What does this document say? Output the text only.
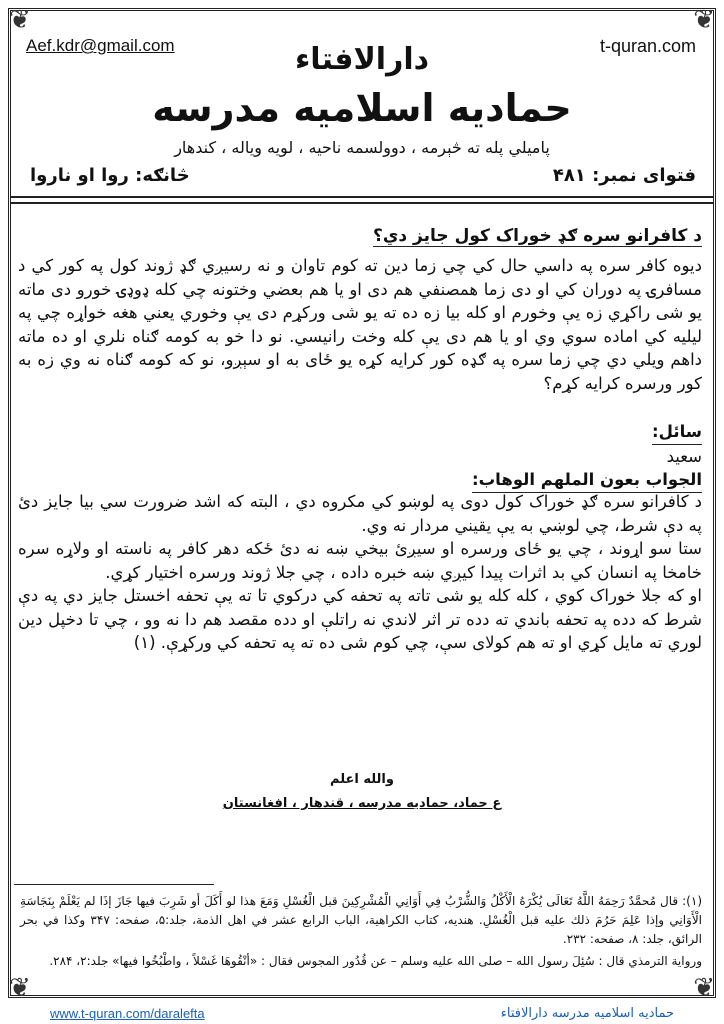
❦	❦
❦	❦
Aef.kdr@gmail.com	t-quran.com
دارالافتاء
حمادیه اسلامیه مدرسه
پامیلي پله ته څېرمه ، دوولسمه ناحیه ، لویه ویاله ، کندهار
فتوای نمبر: ۴۸۱
څانګه: روا او ناروا
د کافرانو سره ګډ خوراک کول جایز دي؟
دیوه کافر سره په داسي حال کي چي زما دین ته کوم تاوان و نه رسیږي ګډ ژوند کول په کور کي د مسافرۍ په دوران کي او دی زما همصنفي هم دی او یا هم بعضي وختونه چي کله ډوډۍ خورو دی ماته یو شی راکړي زه یې وخورم او کله بیا زه ده ته یو شی ورکړم دی یې وخوري یعني هغه خواړه چي په لیلیه کي اماده سوي وي او یا هم دی یې کله وخت رانیسي. نو دا خو به کومه ګناه نلري او ده ماته داهم ویلي دي چي زما سره په ګډه کور کرایه کړه یو ځای به او سېږو، نو که کومه ګناه نه وي زه به کور ورسره کرایه کړم؟
سائل:
سعید
الجواب بعون الملهم الوهاب:
د کافرانو سره ګډ خوراک کول دوی په لوښو کي مکروه دي ، البته که اشد ضرورت سي بیا جایز دئ په دې شرط، چي لوښي به یې یقیني مردار نه وي.
ستا سو اړوند ، چي یو ځای ورسره او سیږئ بیخي ښه نه دئ ځکه دهر کافر په ناسته او ولاړه سره خامخا په انسان کي بد اثرات پیدا کیږي ښه خبره داده ، چي جلا ژوند ورسره اختیار کړي.
او که جلا خوراک کوي ، کله کله یو شی تاته په تحفه کي درکوي تا ته یې تحفه اخستل جایز دي په دې شرط که دده په تحفه باندي ته دده تر اثر لاندي نه راتلې او دده مقصد هم دا نه وو ، چي تا دخپل دین لوري ته مایل کړي او ته هم کولای سې، چي کوم شی ده ته په تحفه کي ورکړې. (۱)
والله اعلم
ع حماد، حمادیه مدرسه ، قندهار ، افغانستان
(۱): قال مُحمَّدٌ رَحِمَهُ اللَّهُ تَعَالَى يُكْرَهُ الْأَكْلُ وَالشُّرْبُ فِي أَوَانِي الْمُشْرِكِينَ قبل الْغُسْلِ وَمَعَ هذا لو أَكَلَ أو شَرِبَ فيها جَازَ إذَا لم يَعْلَمْ بِنَجَاسَةِ الْأَوَانِي وإذا عَلِمَ حَرُمَ ذلك عليه قبل الْغُسْلِ. هندیه، کتاب الکراهیة، الباب الرابع عشر في اهل الذمة، جلد:۵، صفحه: ۳۴۷ وكذا في بحر الرائق، جلد: ۸، صفحه: ۲۳۲.
ورواية الترمذي قال : سُئِلَ رسول الله – صلى الله عليه وسلم – عن قُدُور المجوس فقال : «أنْقُوهَا غَسْلاً ، واطْبُخُوا فيها» جلد:۲، ۲۸۴.
www.t-quran.com/daralefta	حمادیه اسلامیه مدرسه دارالافتاء
